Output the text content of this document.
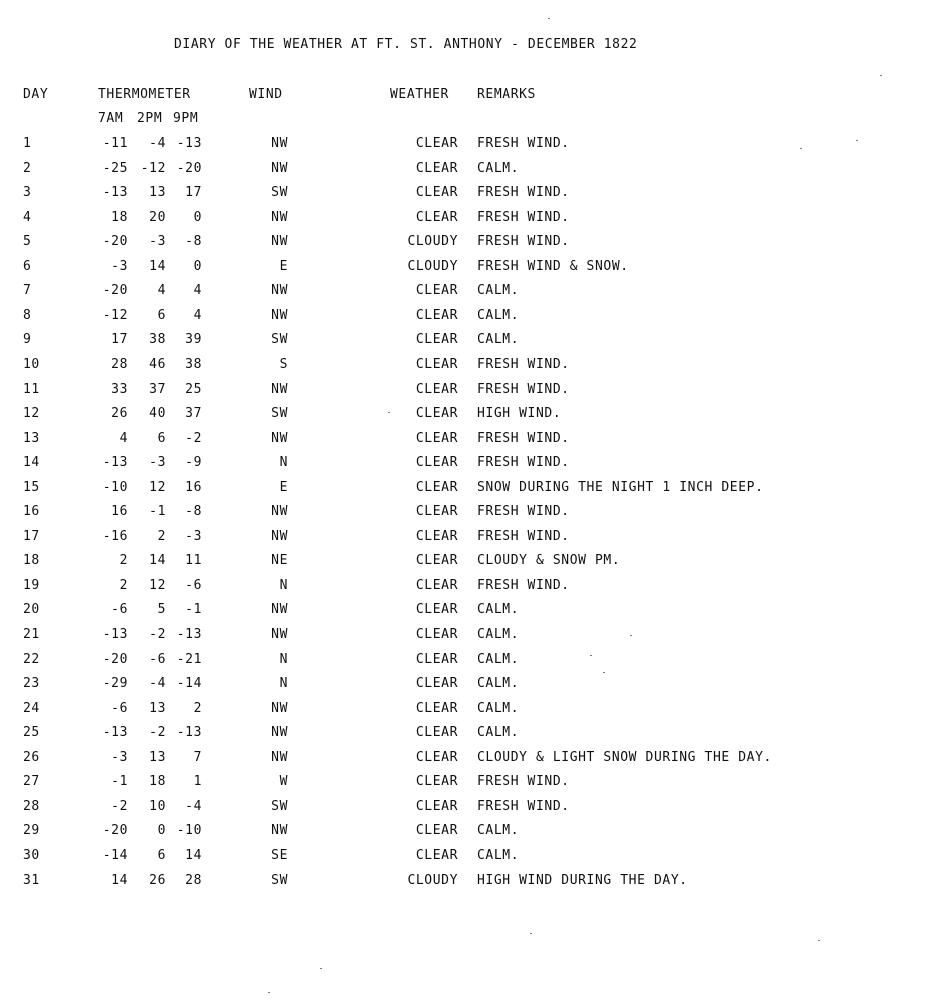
DIARY OF THE WEATHER AT FT. ST. ANTHONY - DECEMBER 1822
DAY	THERMOMETER	WIND	WEATHER REMARKS
7AM 2PM 9PM
1	-11	-4 -13	NW	CLEAR FRESH WIND.
2	-25 -12 -20	NW	CLEAR CALM.
3	-13	13	17	SW	CLEAR FRESH WIND.
4	18	20	0	NW	CLEAR FRESH WIND.
5	-20	-3	-8	NW	CLOUDY FRESH WIND.
6	-3	14	0	E	CLOUDY FRESH WIND & SNOW.
7	-20	4	4	NW	CLEAR CALM.
8	-12	6	4	NW	CLEAR CALM.
9	17	38	39	SW	CLEAR CALM.
10	28	46	38	S	CLEAR FRESH WIND.
11	33	37	25	NW	CLEAR FRESH WIND.
12	26	40	37	SW	CLEAR HIGH WIND.
13	4	6	-2	NW	CLEAR FRESH WIND.
14	-13	-3	-9	N	CLEAR FRESH WIND.
15	-10	12	16	E	CLEAR SNOW DURING THE NIGHT 1 INCH DEEP.
16	16	-1	-8	NW	CLEAR FRESH WIND.
17	-16	2	-3	NW	CLEAR FRESH WIND.
18	2	14	11	NE	CLEAR CLOUDY & SNOW PM.
19	2	12	-6	N	CLEAR FRESH WIND.
20	-6	5	-1	NW	CLEAR CALM.
21	-13	-2 -13	NW	CLEAR CALM.
22	-20	-6 -21	N	CLEAR CALM.
23	-29	-4 -14	N	CLEAR CALM.
24	-6	13	2	NW	CLEAR CALM.
25	-13	-2 -13	NW	CLEAR CALM.
26	-3	13	7	NW	CLEAR CLOUDY & LIGHT SNOW DURING THE DAY.
27	-1	18	1	W	CLEAR FRESH WIND.
28	-2	10	-4	SW	CLEAR FRESH WIND.
29	-20	0 -10	NW	CLEAR CALM.
30	-14	6	14	SE	CLEAR CALM.
31	14	26	28	SW	CLOUDY HIGH WIND DURING THE DAY.
